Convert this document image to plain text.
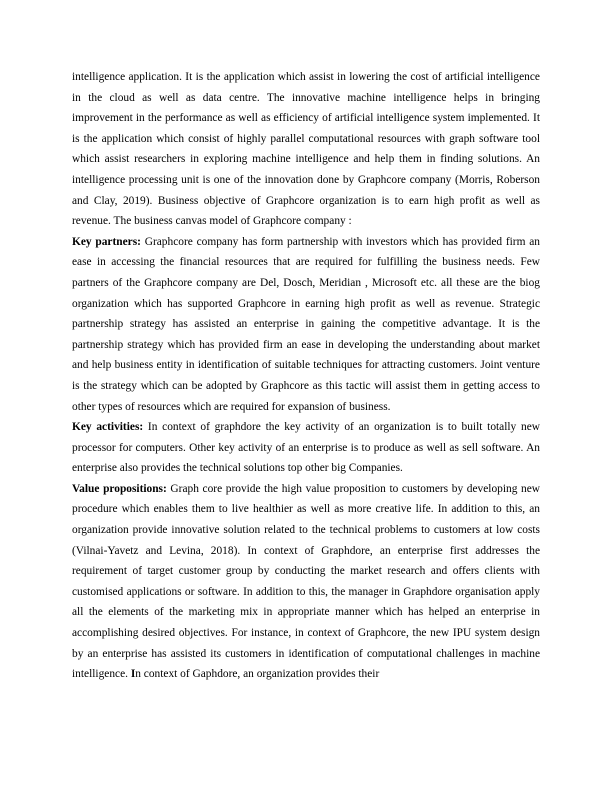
intelligence application. It is the application which assist in lowering the cost of artificial intelligence in the cloud as well as data centre. The innovative machine intelligence helps in bringing improvement in the performance as well as efficiency of artificial intelligence system implemented. It is the application which consist of highly parallel computational resources with graph software tool which assist researchers in exploring machine intelligence and help them in finding solutions. An intelligence processing unit is one of the innovation done by Graphcore company (Morris, Roberson and Clay, 2019). Business objective of Graphcore organization is to earn high profit as well as revenue. The business canvas model of Graphcore company :

Key partners: Graphcore company has form partnership with investors which has provided firm an ease in accessing the financial resources that are required for fulfilling the business needs. Few partners of the Graphcore company are Del, Dosch, Meridian , Microsoft etc. all these are the biog organization which has supported Graphcore in earning high profit as well as revenue. Strategic partnership strategy has assisted an enterprise in gaining the competitive advantage. It is the partnership strategy which has provided firm an ease in developing the understanding about market and help business entity in identification of suitable techniques for attracting customers. Joint venture is the strategy which can be adopted by Graphcore as this tactic will assist them in getting access to other types of resources which are required for expansion of business.

Key activities: In context of graphdore the key activity of an organization is to built totally new processor for computers. Other key activity of an enterprise is to produce as well as sell software. An enterprise also provides the technical solutions top other big Companies.

Value propositions: Graph core provide the high value proposition to customers by developing new procedure which enables them to live healthier as well as more creative life. In addition to this, an organization provide innovative solution related to the technical problems to customers at low costs (Vilnai-Yavetz and Levina, 2018). In context of Graphdore, an enterprise first addresses the requirement of target customer group by conducting the market research and offers clients with customised applications or software. In addition to this, the manager in Graphdore organisation apply all the elements of the marketing mix in appropriate manner which has helped an enterprise in accomplishing desired objectives. For instance, in context of Graphcore, the new IPU system design by an enterprise has assisted its customers in identification of computational challenges in machine intelligence. In context of Gaphdore, an organization provides their
